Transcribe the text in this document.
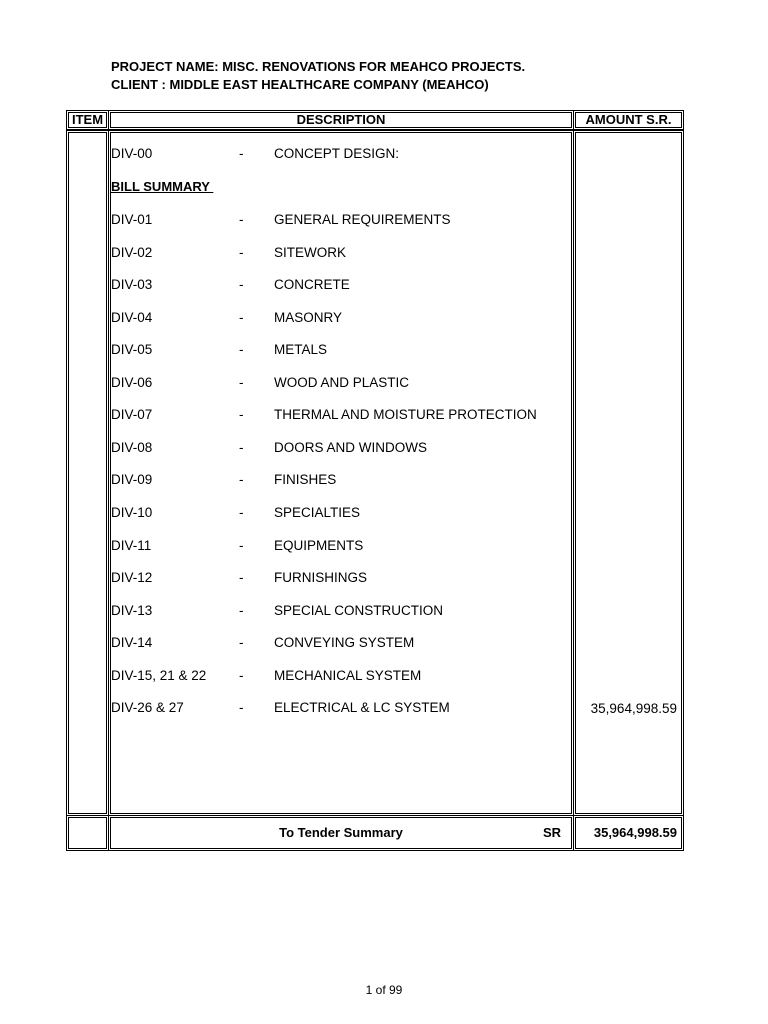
PROJECT NAME: MISC. RENOVATIONS FOR MEAHCO PROJECTS.
CLIENT : MIDDLE EAST HEALTHCARE COMPANY (MEAHCO)
ITEM	DESCRIPTION	AMOUNT S.R.
DIV-00	- CONCEPT DESIGN:
BILL SUMMARY
DIV-01	- GENERAL REQUIREMENTS
DIV-02	- SITEWORK
DIV-03	- CONCRETE
DIV-04	- MASONRY
DIV-05	- METALS
DIV-06	- WOOD AND PLASTIC
DIV-07	- THERMAL AND MOISTURE PROTECTION
DIV-08	- DOORS AND WINDOWS
DIV-09	- FINISHES
DIV-10	- SPECIALTIES
DIV-11	- EQUIPMENTS
DIV-12	- FURNISHINGS
DIV-13	- SPECIAL CONSTRUCTION
DIV-14	- CONVEYING SYSTEM
DIV-15, 21 & 22 - MECHANICAL SYSTEM
DIV-26 & 27	- ELECTRICAL & LC SYSTEM	35,964,998.59
To Tender Summary	SR	35,964,998.59
1 of 99
